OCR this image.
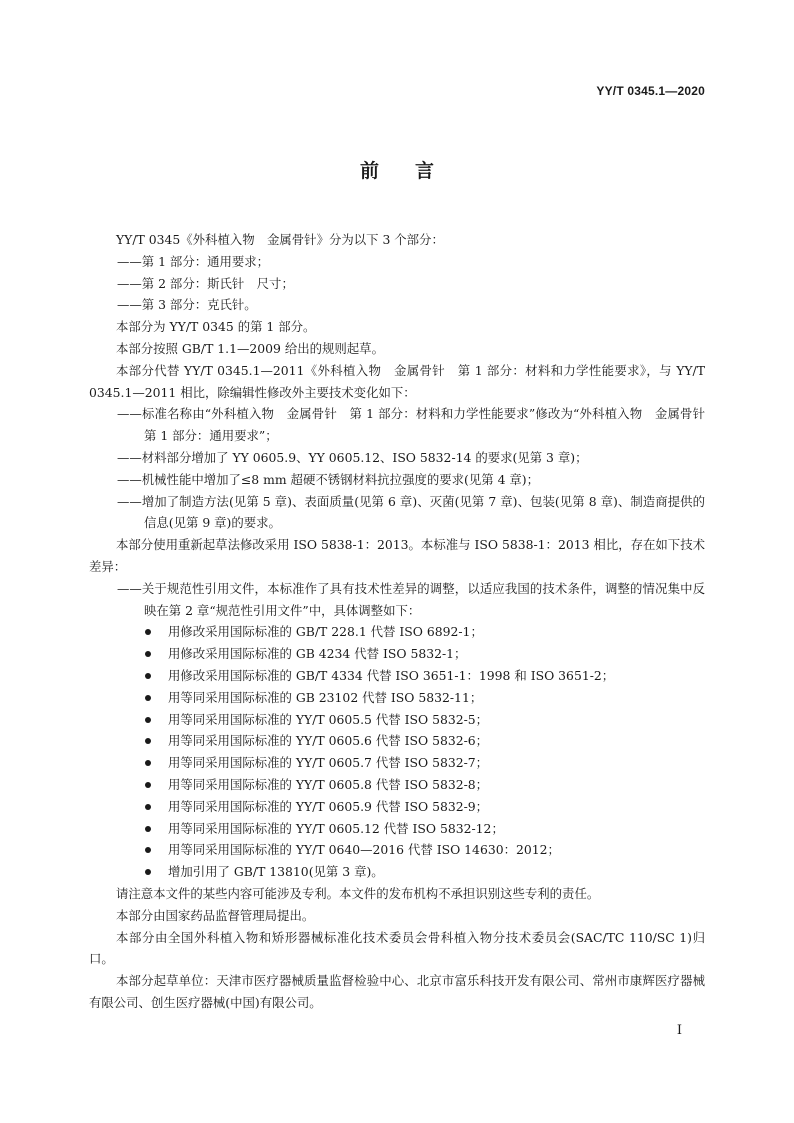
YY/T 0345.1—2020
前言
YY/T 0345《外科植入物　金属骨针》分为以下 3 个部分：
——第 1 部分：通用要求；
——第 2 部分：斯氏针　尺寸；
——第 3 部分：克氏针。
本部分为 YY/T 0345 的第 1 部分。
本部分按照 GB/T 1.1—2009 给出的规则起草。
本部分代替 YY/T 0345.1—2011《外科植入物　金属骨针　第 1 部分：材料和力学性能要求》，与 YY/T 0345.1—2011 相比，除编辑性修改外主要技术变化如下：
——标准名称由“外科植入物　金属骨针　第 1 部分：材料和力学性能要求”修改为“外科植入物　金属骨针　第 1 部分：通用要求”；
——材料部分增加了 YY 0605.9、YY 0605.12、ISO 5832-14 的要求(见第 3 章)；
——机械性能中增加了≤8 mm 超硬不锈钢材料抗拉强度的要求(见第 4 章)；
——增加了制造方法(见第 5 章)、表面质量(见第 6 章)、灭菌(见第 7 章)、包装(见第 8 章)、制造商提供的信息(见第 9 章)的要求。
本部分使用重新起草法修改采用 ISO 5838-1：2013。本标准与 ISO 5838-1：2013 相比，存在如下技术差异：
——关于规范性引用文件，本标准作了具有技术性差异的调整，以适应我国的技术条件，调整的情况集中反映在第 2 章“规范性引用文件”中，具体调整如下：
用修改采用国际标准的 GB/T 228.1 代替 ISO 6892-1；
用修改采用国际标准的 GB 4234 代替 ISO 5832-1；
用修改采用国际标准的 GB/T 4334 代替 ISO 3651-1：1998 和 ISO 3651-2；
用等同采用国际标准的 GB 23102 代替 ISO 5832-11；
用等同采用国际标准的 YY/T 0605.5 代替 ISO 5832-5；
用等同采用国际标准的 YY/T 0605.6 代替 ISO 5832-6；
用等同采用国际标准的 YY/T 0605.7 代替 ISO 5832-7；
用等同采用国际标准的 YY/T 0605.8 代替 ISO 5832-8；
用等同采用国际标准的 YY/T 0605.9 代替 ISO 5832-9；
用等同采用国际标准的 YY/T 0605.12 代替 ISO 5832-12；
用等同采用国际标准的 YY/T 0640—2016 代替 ISO 14630：2012；
增加引用了 GB/T 13810(见第 3 章)。
请注意本文件的某些内容可能涉及专利。本文件的发布机构不承担识别这些专利的责任。
本部分由国家药品监督管理局提出。
本部分由全国外科植入物和矫形器械标准化技术委员会骨科植入物分技术委员会(SAC/TC 110/SC 1)归口。
本部分起草单位：天津市医疗器械质量监督检验中心、北京市富乐科技开发有限公司、常州市康辉医疗器械有限公司、创生医疗器械(中国)有限公司。
I
